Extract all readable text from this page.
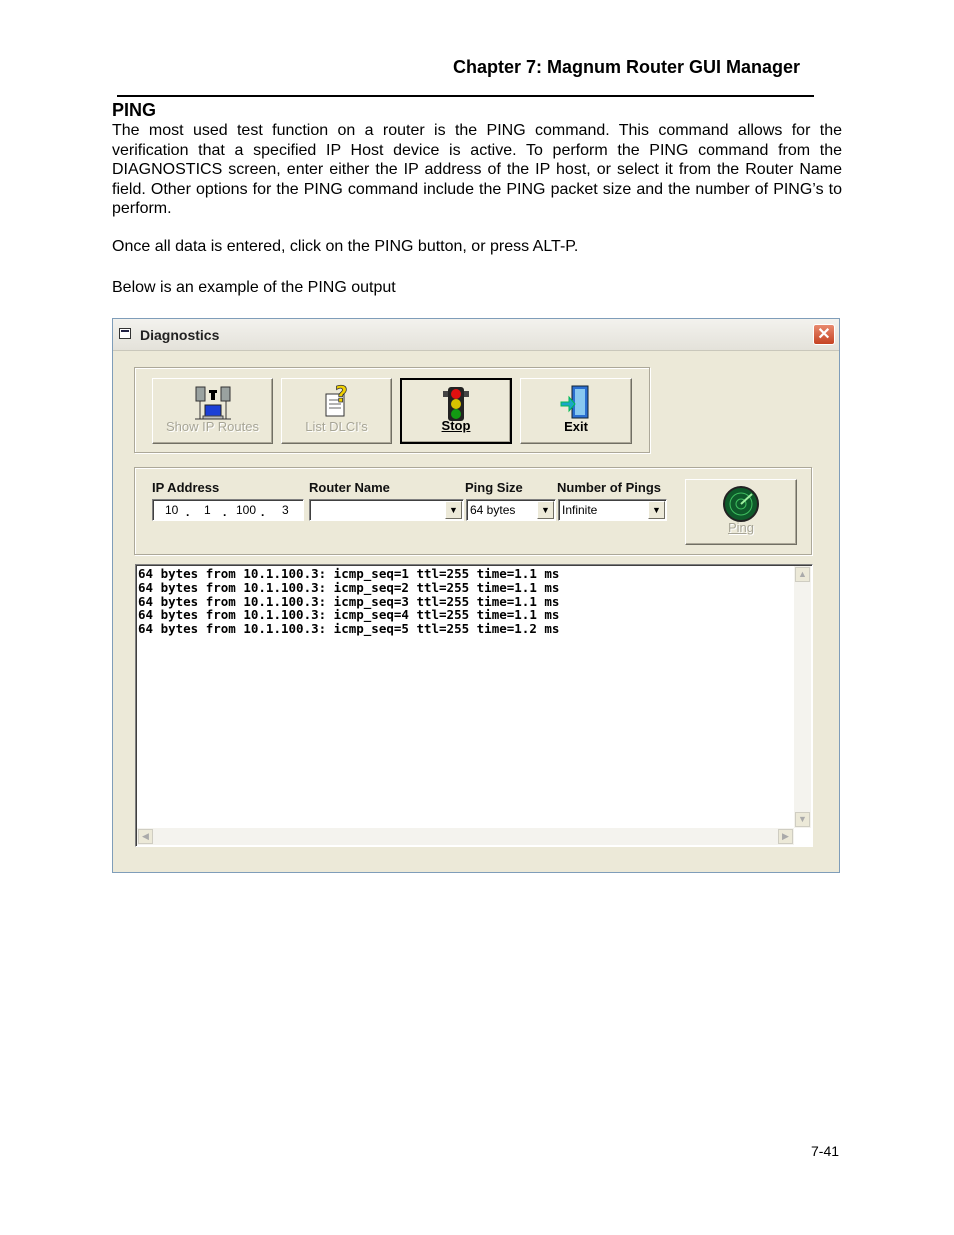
Chapter 7: Magnum Router GUI Manager
PING
The most used test function on a router is the PING command. This command allows for the verification that a specified IP Host device is active. To perform the PING command from the DIAGNOSTICS screen, enter either the IP address of the IP host, or select it from the Router Name field. Other options for the PING command include the PING packet size and the number of PING’s to perform.
Once all data is entered, click on the PING button, or press ALT-P.
Below is an example of the PING output
Diagnostics	✕
Show IP Routes
?
List DLCI's	Stop	Exit
IP Address
10 . 1 . 100 . 3
Router Name
▼
Ping Size
64 bytes	▼
Number of Pings
Infinite	▼
Ping
64 bytes from 10.1.100.3: icmp_seq=1 ttl=255 time=1.1 ms
64 bytes from 10.1.100.3: icmp_seq=2 ttl=255 time=1.1 ms
64 bytes from 10.1.100.3: icmp_seq=3 ttl=255 time=1.1 ms
64 bytes from 10.1.100.3: icmp_seq=4 ttl=255 time=1.1 ms
64 bytes from 10.1.100.3: icmp_seq=5 ttl=255 time=1.2 ms
▲
▼
◀	▶
7-41
